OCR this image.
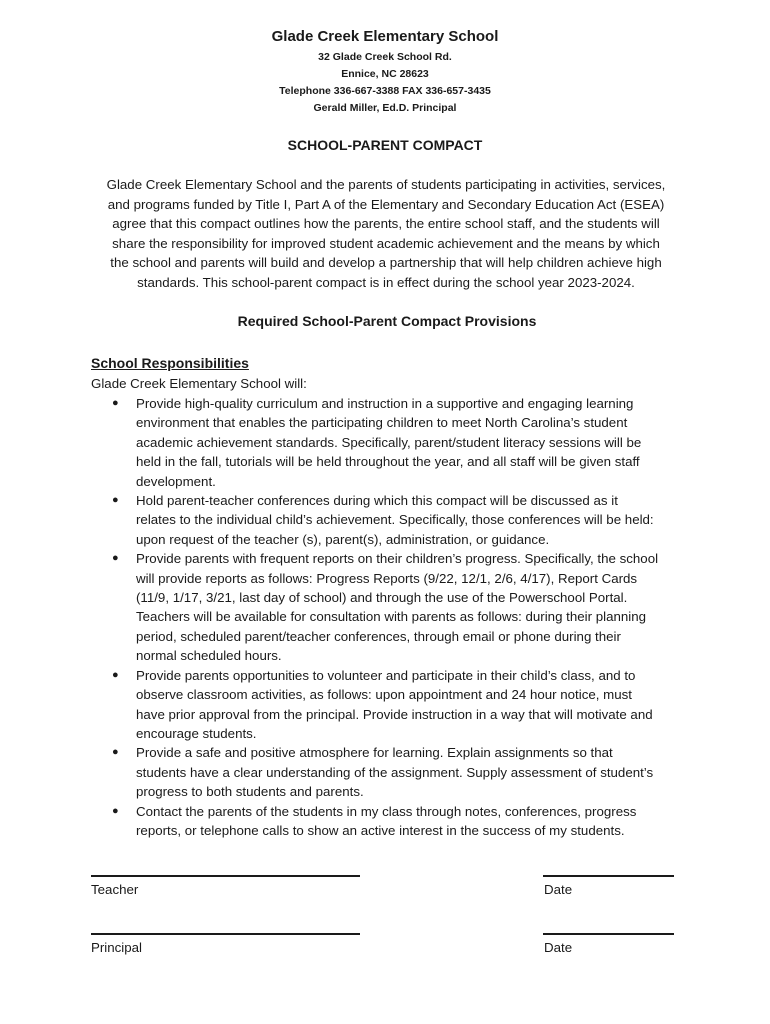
Glade Creek Elementary School

32 Glade Creek School Rd.

Ennice, NC 28623

Telephone 336-667-3388 FAX 336-657-3435

Gerald Miller, Ed.D. Principal

SCHOOL-PARENT COMPACT

Glade Creek Elementary School and the parents of students participating in activities, services,
and programs funded by Title I, Part A of the Elementary and Secondary Education Act (ESEA)
agree that this compact outlines how the parents, the entire school staff, and the students will
share the responsibility for improved student academic achievement and the means by which
the school and parents will build and develop a partnership that will help children achieve high
standards. This school-parent compact is in effect during the school year 2023-2024.

Required School-Parent Compact Provisions
School Responsibilities
Glade Creek Elementary School will:
● Provide high-quality curriculum and instruction in a supportive and engaging learning
environment that enables the participating children to meet North Carolina’s student
academic achievement standards. Specifically, parent/student literacy sessions will be
held in the fall, tutorials will be held throughout the year, and all staff will be given staff
development.
● Hold parent-teacher conferences during which this compact will be discussed as it
relates to the individual child’s achievement. Specifically, those conferences will be held:
upon request of the teacher (s), parent(s), administration, or guidance.
● Provide parents with frequent reports on their children’s progress. Specifically, the school
will provide reports as follows: Progress Reports (9/22, 12/1, 2/6, 4/17), Report Cards
(11/9, 1/17, 3/21, last day of school) and through the use of the Powerschool Portal.
Teachers will be available for consultation with parents as follows: during their planning
period, scheduled parent/teacher conferences, through email or phone during their
normal scheduled hours.
● Provide parents opportunities to volunteer and participate in their child’s class, and to
observe classroom activities, as follows: upon appointment and 24 hour notice, must
have prior approval from the principal. Provide instruction in a way that will motivate and
encourage students.
● Provide a safe and positive atmosphere for learning. Explain assignments so that
students have a clear understanding of the assignment. Supply assessment of student’s
progress to both students and parents.
● Contact the parents of the students in my class through notes, conferences, progress
reports, or telephone calls to show an active interest in the success of my students.
Teacher	Date
Principal	Date
